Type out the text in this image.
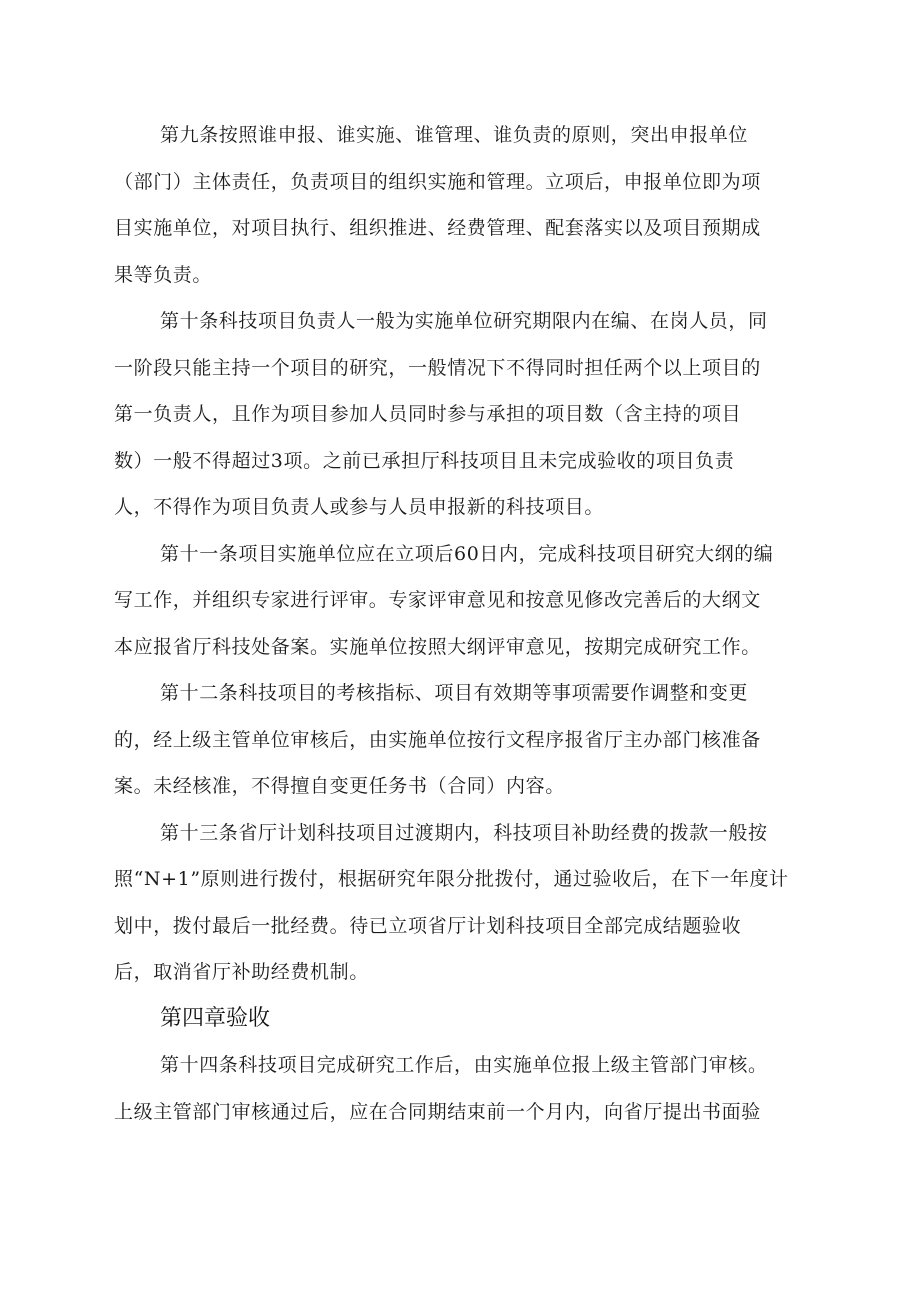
第九条按照谁申报、谁实施、谁管理、谁负责的原则，突出申报单位
（部门）主体责任，负责项目的组织实施和管理。立项后，申报单位即为项
目实施单位，对项目执行、组织推进、经费管理、配套落实以及项目预期成
果等负责。
第十条科技项目负责人一般为实施单位研究期限内在编、在岗人员，同
一阶段只能主持一个项目的研究，一般情况下不得同时担任两个以上项目的
第一负责人，且作为项目参加人员同时参与承担的项目数（含主持的项目
数）一般不得超过3项。之前已承担厅科技项目且未完成验收的项目负责
人，不得作为项目负责人或参与人员申报新的科技项目。
第十一条项目实施单位应在立项后60日内，完成科技项目研究大纲的编
写工作，并组织专家进行评审。专家评审意见和按意见修改完善后的大纲文
本应报省厅科技处备案。实施单位按照大纲评审意见，按期完成研究工作。
第十二条科技项目的考核指标、项目有效期等事项需要作调整和变更
的，经上级主管单位审核后，由实施单位按行文程序报省厅主办部门核准备
案。未经核准，不得擅自变更任务书（合同）内容。
第十三条省厅计划科技项目过渡期内，科技项目补助经费的拨款一般按
照“N+1”原则进行拨付，根据研究年限分批拨付，通过验收后，在下一年度计
划中，拨付最后一批经费。待已立项省厅计划科技项目全部完成结题验收
后，取消省厅补助经费机制。
第四章验收
第十四条科技项目完成研究工作后，由实施单位报上级主管部门审核。
上级主管部门审核通过后，应在合同期结束前一个月内，向省厅提出书面验
